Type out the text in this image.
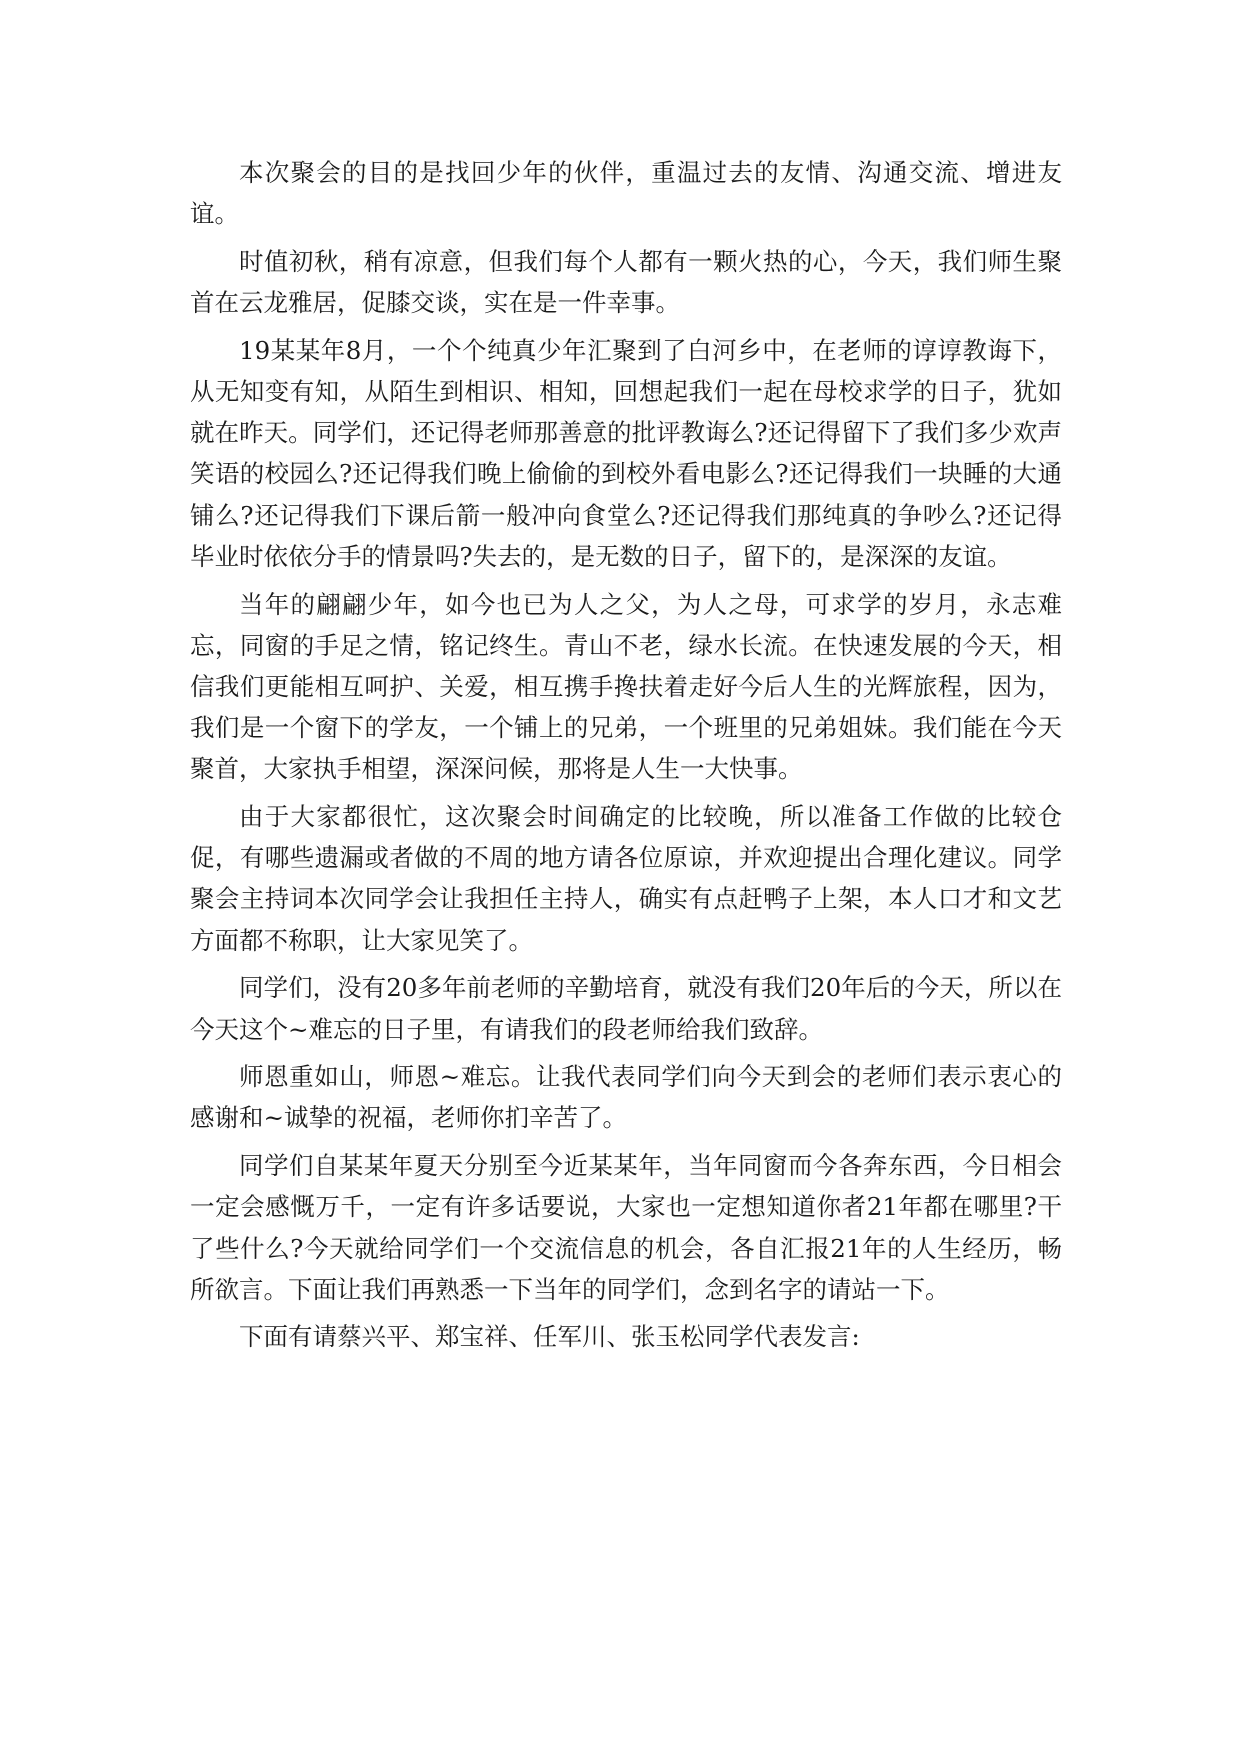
本次聚会的目的是找回少年的伙伴，重温过去的友情、沟通交流、增进友谊。

时值初秋，稍有凉意，但我们每个人都有一颗火热的心，今天，我们师生聚首在云龙雅居，促膝交谈，实在是一件幸事。

19某某年8月，一个个纯真少年汇聚到了白河乡中，在老师的谆谆教诲下，从无知变有知，从陌生到相识、相知，回想起我们一起在母校求学的日子，犹如就在昨天。同学们，还记得老师那善意的批评教诲么?还记得留下了我们多少欢声笑语的校园么?还记得我们晚上偷偷的到校外看电影么?还记得我们一块睡的大通铺么?还记得我们下课后箭一般冲向食堂么?还记得我们那纯真的争吵么?还记得毕业时依依分手的情景吗?失去的，是无数的日子，留下的，是深深的友谊。

当年的翩翩少年，如今也已为人之父，为人之母，可求学的岁月，永志难忘，同窗的手足之情，铭记终生。青山不老，绿水长流。在快速发展的今天，相信我们更能相互呵护、关爱，相互携手搀扶着走好今后人生的光辉旅程，因为，我们是一个窗下的学友，一个铺上的兄弟，一个班里的兄弟姐妹。我们能在今天聚首，大家执手相望，深深问候，那将是人生一大快事。

由于大家都很忙，这次聚会时间确定的比较晚，所以准备工作做的比较仓促，有哪些遗漏或者做的不周的地方请各位原谅，并欢迎提出合理化建议。同学聚会主持词本次同学会让我担任主持人，确实有点赶鸭子上架，本人口才和文艺方面都不称职，让大家见笑了。

同学们，没有20多年前老师的辛勤培育，就没有我们20年后的今天，所以在今天这个~难忘的日子里，有请我们的段老师给我们致辞。

师恩重如山，师恩~难忘。让我代表同学们向今天到会的老师们表示衷心的感谢和~诚挚的祝福，老师你扪辛苦了。

同学们自某某年夏天分别至今近某某年，当年同窗而今各奔东西，今日相会一定会感慨万千，一定有许多话要说，大家也一定想知道你者21年都在哪里?干了些什么?今天就给同学们一个交流信息的机会，各自汇报21年的人生经历，畅所欲言。下面让我们再熟悉一下当年的同学们，念到名字的请站一下。

下面有请蔡兴平、郑宝祥、任军川、张玉松同学代表发言:
